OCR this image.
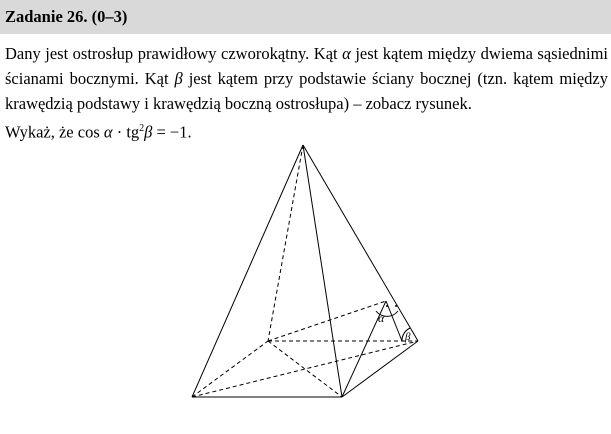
Zadanie 26. (0–3)
Dany jest ostrosłup prawidłowy czworokątny. Kąt α jest kątem między dwiema sąsiednimi ścianami bocznymi. Kąt β jest kątem przy podstawie ściany bocznej (tzn. kątem między krawędzią podstawy i krawędzią boczną ostrosłupa) – zobacz rysunek.
Wykaż, że $\cos \alpha \cdot tg^2\beta = -1$.
α
β
